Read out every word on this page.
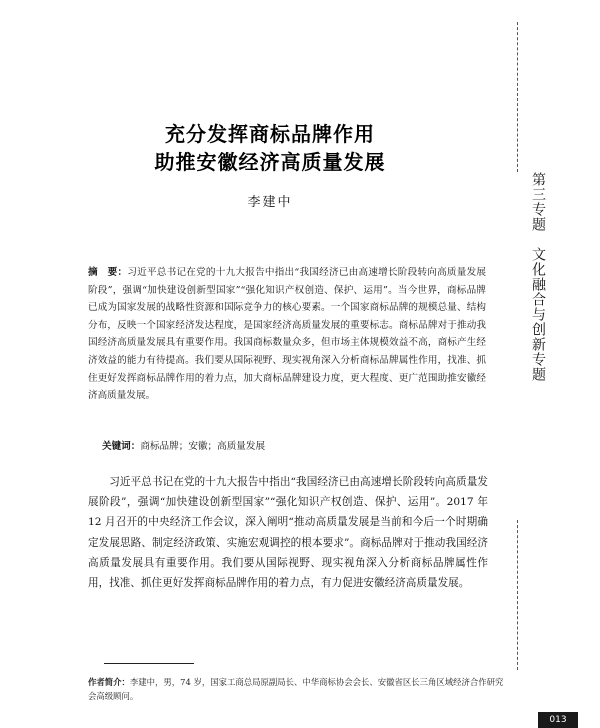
第三专题　文化融合与创新专题
充分发挥商标品牌作用
助推安徽经济高质量发展
李建中
摘　要：习近平总书记在党的十九大报告中指出“我国经济已由高速增长阶段转向高质量发展阶段”，强调“加快建设创新型国家”“强化知识产权创造、保护、运用”。当今世界，商标品牌已成为国家发展的战略性资源和国际竞争力的核心要素。一个国家商标品牌的规模总量、结构分布，反映一个国家经济发达程度，是国家经济高质量发展的重要标志。商标品牌对于推动我国经济高质量发展具有重要作用。我国商标数量众多，但市场主体规模效益不高，商标产生经济效益的能力有待提高。我们要从国际视野、现实视角深入分析商标品牌属性作用，找准、抓住更好发挥商标品牌作用的着力点，加大商标品牌建设力度，更大程度、更广范围助推安徽经济高质量发展。
关键词：商标品牌；安徽；高质量发展
习近平总书记在党的十九大报告中指出“我国经济已由高速增长阶段转向高质量发展阶段”，强调“加快建设创新型国家”“强化知识产权创造、保护、运用”。2017 年 12 月召开的中央经济工作会议，深入阐明“推动高质量发展是当前和今后一个时期确定发展思路、制定经济政策、实施宏观调控的根本要求”。商标品牌对于推动我国经济高质量发展具有重要作用。我们要从国际视野、现实视角深入分析商标品牌属性作用，找准、抓住更好发挥商标品牌作用的着力点，有力促进安徽经济高质量发展。
作者简介：李建中，男，74 岁，国家工商总局原副局长、中华商标协会会长、安徽省区长三角区域经济合作研究会高级顾问。
013
